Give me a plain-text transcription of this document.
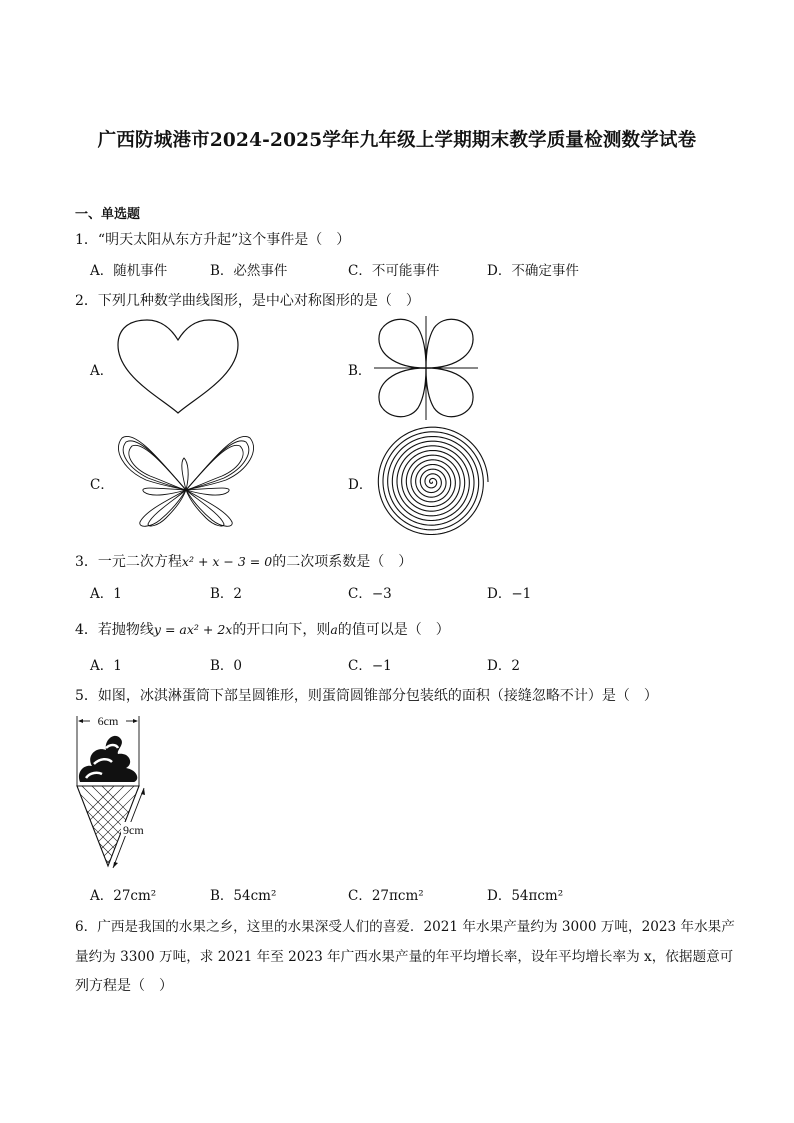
广西防城港市2024-2025学年九年级上学期期末教学质量检测数学试卷
一、单选题
1．“明天太阳从东方升起”这个事件是（　）
A．随机事件	B．必然事件	C．不可能事件	D．不确定事件
2．下列几种数学曲线图形，是中心对称图形的是（　）
A．	B．
C．	D．
3．一元二次方程x² + x − 3 = 0的二次项系数是（　）
A．1	B．2	C．−3	D．−1
4．若抛物线y = ax² + 2x的开口向下，则a的值可以是（　）
A．1	B．0	C．−1	D．2
5．如图，冰淇淋蛋筒下部呈圆锥形，则蛋筒圆锥部分包装纸的面积（接缝忽略不计）是（　）
6cm
9cm
A．27cm²	B．54cm²	C．27πcm²	D．54πcm²
6．广西是我国的水果之乡，这里的水果深受人们的喜爱．2021 年水果产量约为 3000 万吨，2023 年水果产
量约为 3300 万吨，求 2021 年至 2023 年广西水果产量的年平均增长率，设年平均增长率为 x，依据题意可
列方程是（　）
